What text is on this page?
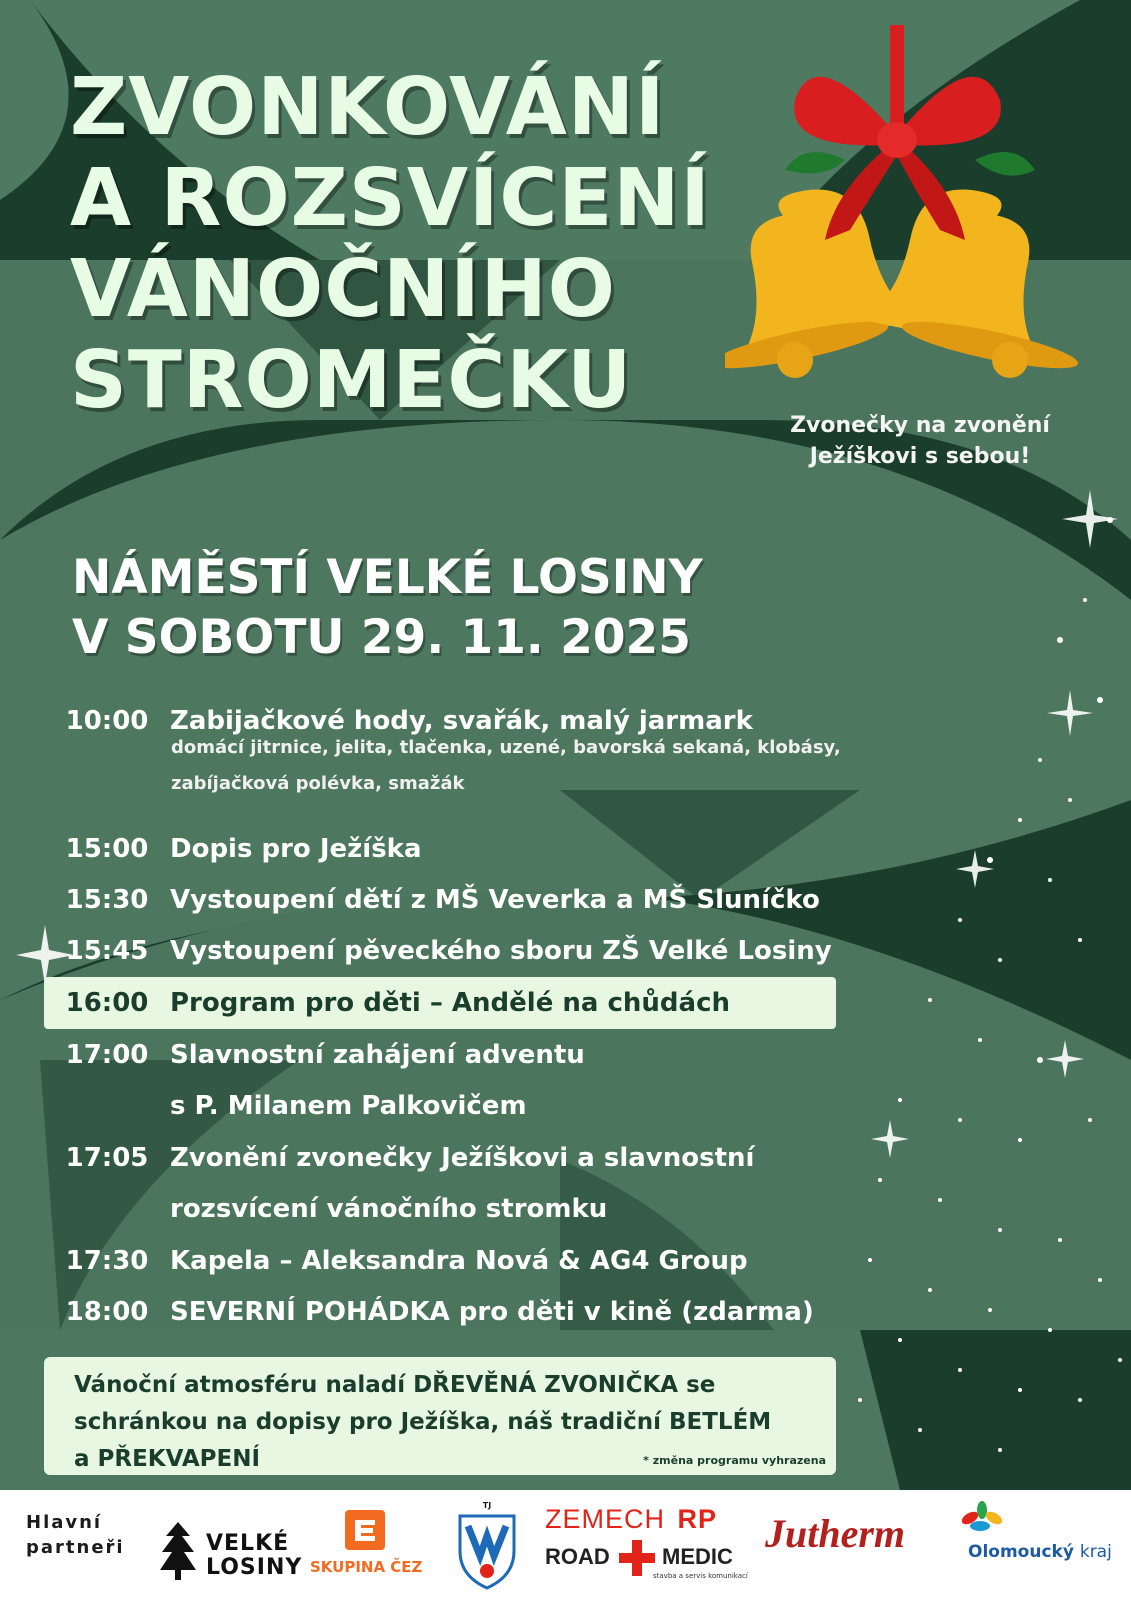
ZVONKOVÁNÍ
A ROZSVÍCENÍ
VÁNOČNÍHO
STROMEČKU	Zvonečky na zvonění
Ježíškovi s sebou!
NÁMĚSTÍ VELKÉ LOSINY
V SOBOTU 29. 11. 2025
10:00 Zabijačkové hody, svařák, malý jarmark
domácí jitrnice, jelita, tlačenka, uzené, bavorská sekaná, klobásy,
zabíjačková polévka, smažák
15:00 Dopis pro Ježíška
15:30 Vystoupení dětí z MŠ Veverka a MŠ Sluníčko
15:45 Vystoupení pěveckého sboru ZŠ Velké Losiny
16:00 Program pro děti – Andělé na chůdách
17:00 Slavnostní zahájení adventu
s P. Milanem Palkovičem
17:05 Zvonění zvonečky Ježíškovi a slavnostní
rozsvícení vánočního stromku
17:30 Kapela – Aleksandra Nová & AG4 Group
18:00 SEVERNÍ POHÁDKA pro děti v kině (zdarma)
Vánoční atmosféru naladí DŘEVĚNÁ ZVONIČKA se
schránkou na dopisy pro Ježíška, náš tradiční BETLÉM
a PŘEKVAPENÍ	* změna programu vyhrazena
Hlavní
partneři	VELKÉ
LOSINY SKUPINA ČEZ
TJ ZEMECH RP
ROAD MEDIC
stavba a servis komunikací
Jutherm	Olomoucký kraj
